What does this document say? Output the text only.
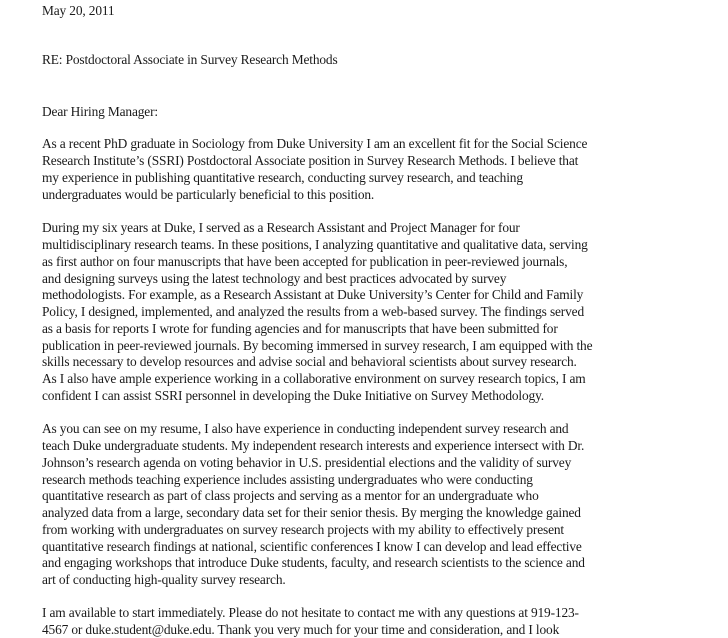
May 20, 2011
RE: Postdoctoral Associate in Survey Research Methods
Dear Hiring Manager:
As a recent PhD graduate in Sociology from Duke University I am an excellent fit for the Social Science
Research Institute’s (SSRI) Postdoctoral Associate position in Survey Research Methods. I believe that
my experience in publishing quantitative research, conducting survey research, and teaching
undergraduates would be particularly beneficial to this position.
During my six years at Duke, I served as a Research Assistant and Project Manager for four
multidisciplinary research teams. In these positions, I analyzing quantitative and qualitative data, serving
as first author on four manuscripts that have been accepted for publication in peer-reviewed journals,
and designing surveys using the latest technology and best practices advocated by survey
methodologists. For example, as a Research Assistant at Duke University’s Center for Child and Family
Policy, I designed, implemented, and analyzed the results from a web-based survey. The findings served
as a basis for reports I wrote for funding agencies and for manuscripts that have been submitted for
publication in peer-reviewed journals. By becoming immersed in survey research, I am equipped with the
skills necessary to develop resources and advise social and behavioral scientists about survey research.
As I also have ample experience working in a collaborative environment on survey research topics, I am
confident I can assist SSRI personnel in developing the Duke Initiative on Survey Methodology.
As you can see on my resume, I also have experience in conducting independent survey research and
teach Duke undergraduate students. My independent research interests and experience intersect with Dr.
Johnson’s research agenda on voting behavior in U.S. presidential elections and the validity of survey
research methods teaching experience includes assisting undergraduates who were conducting
quantitative research as part of class projects and serving as a mentor for an undergraduate who
analyzed data from a large, secondary data set for their senior thesis. By merging the knowledge gained
from working with undergraduates on survey research projects with my ability to effectively present
quantitative research findings at national, scientific conferences I know I can develop and lead effective
and engaging workshops that introduce Duke students, faculty, and research scientists to the science and
art of conducting high-quality survey research.
I am available to start immediately. Please do not hesitate to contact me with any questions at 919-123-
4567 or duke.student@duke.edu. Thank you very much for your time and consideration, and I look
